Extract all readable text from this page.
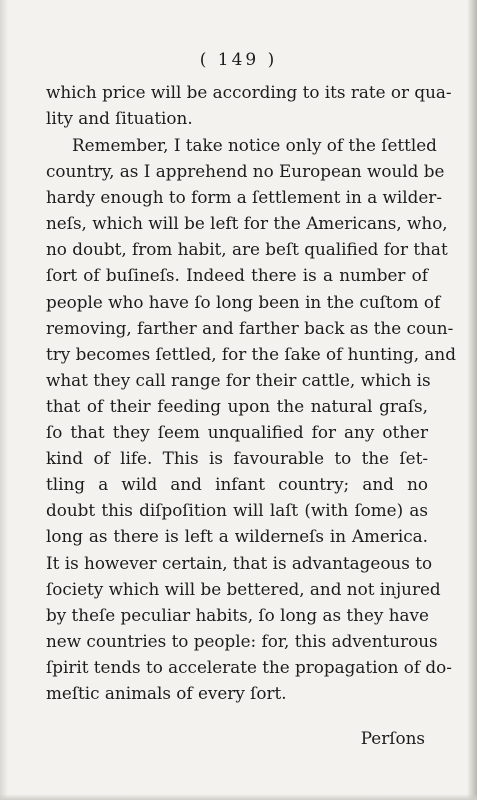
( 149 )
which price will be according to its rate or qua-
lity and ſituation.
Remember, I take notice only of the ſettled
country, as I apprehend no European would be
hardy enough to form a ſettlement in a wilder-
neſs, which will be left for the Americans, who,
no doubt, from habit, are beſt qualified for that
ſort of buſineſs. Indeed there is a number of
people who have ſo long been in the cuſtom of
removing, farther and farther back as the coun-
try becomes ſettled, for the ſake of hunting, and
what they call range for their cattle, which is
that of their feeding upon the natural graſs,
ſo that they ſeem unqualified for any other
kind of life. This is favourable to the ſet-
tling a wild and infant country; and no
doubt this diſpoſition will laſt (with ſome) as
long as there is left a wilderneſs in America.
It is however certain, that is advantageous to
ſociety which will be bettered, and not injured
by theſe peculiar habits, ſo long as they have
new countries to people: for, this adventurous
ſpirit tends to accelerate the propagation of do-
meſtic animals of every ſort.
Perſons
